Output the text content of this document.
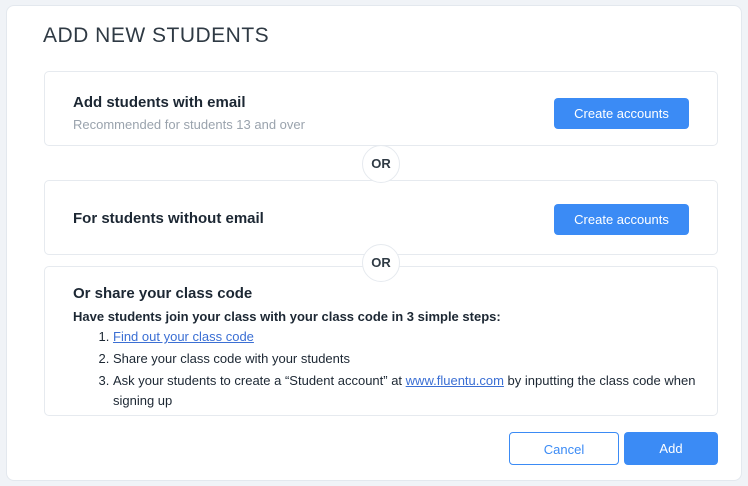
ADD NEW STUDENTS
Add students with email
Recommended for students 13 and over
Create accounts
OR
For students without email	Create accounts
OR
Or share your class code
Have students join your class with your class code in 3 simple steps:
1. Find out your class code
2. Share your class code with your students
3. Ask your students to create a “Student account” at www.fluentu.com by inputting the class code when signing up
Cancel	Add
